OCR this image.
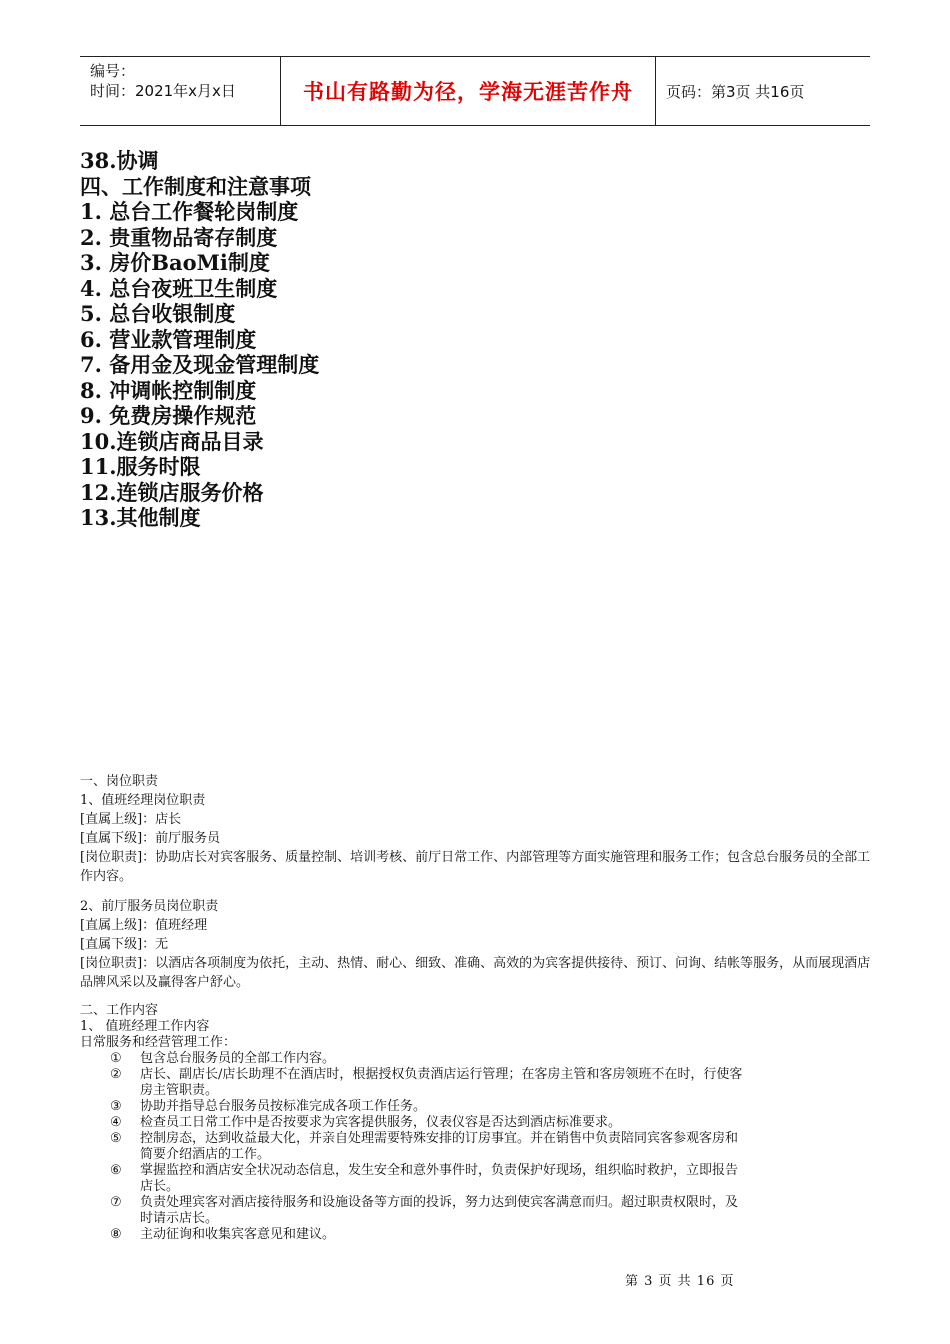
编号：
时间：2021年x月x日	书山有路勤为径，学海无涯苦作舟	页码：第3页 共16页
38.协调
四、工作制度和注意事项
1. 总台工作餐轮岗制度
2. 贵重物品寄存制度
3. 房价BaoMi制度
4. 总台夜班卫生制度
5. 总台收银制度
6. 营业款管理制度
7. 备用金及现金管理制度
8. 冲调帐控制制度
9. 免费房操作规范
10.连锁店商品目录
11.服务时限
12.连锁店服务价格
13.其他制度

一、岗位职责

1、值班经理岗位职责

[直属上级]：店长

[直属下级]：前厅服务员

[岗位职责]：协助店长对宾客服务、质量控制、培训考核、前厅日常工作、内部管理等方面实施管理和服务工作；包含总台服务员的全部工作内容。

2、前厅服务员岗位职责

[直属上级]：值班经理

[直属下级]：无

[岗位职责]：以酒店各项制度为依托，主动、热情、耐心、细致、准确、高效的为宾客提供接待、预订、问询、结帐等服务，从而展现酒店品牌风采以及赢得客户舒心。

二、工作内容

1、 值班经理工作内容

日常服务和经营管理工作：

①	包含总台服务员的全部工作内容。
②	店长、副店长/店长助理不在酒店时，根据授权负责酒店运行管理；在客房主管和客房领班不在时，行使客房主管职责。
③	协助并指导总台服务员按标准完成各项工作任务。
④	检查员工日常工作中是否按要求为宾客提供服务，仪表仪容是否达到酒店标准要求。
⑤	控制房态，达到收益最大化，并亲自处理需要特殊安排的订房事宜。并在销售中负责陪同宾客参观客房和简要介绍酒店的工作。
⑥	掌握监控和酒店安全状况动态信息，发生安全和意外事件时，负责保护好现场，组织临时救护，立即报告店长。
⑦	负责处理宾客对酒店接待服务和设施设备等方面的投诉，努力达到使宾客满意而归。超过职责权限时，及时请示店长。
⑧	主动征询和收集宾客意见和建议。
第 3 页 共 16 页
